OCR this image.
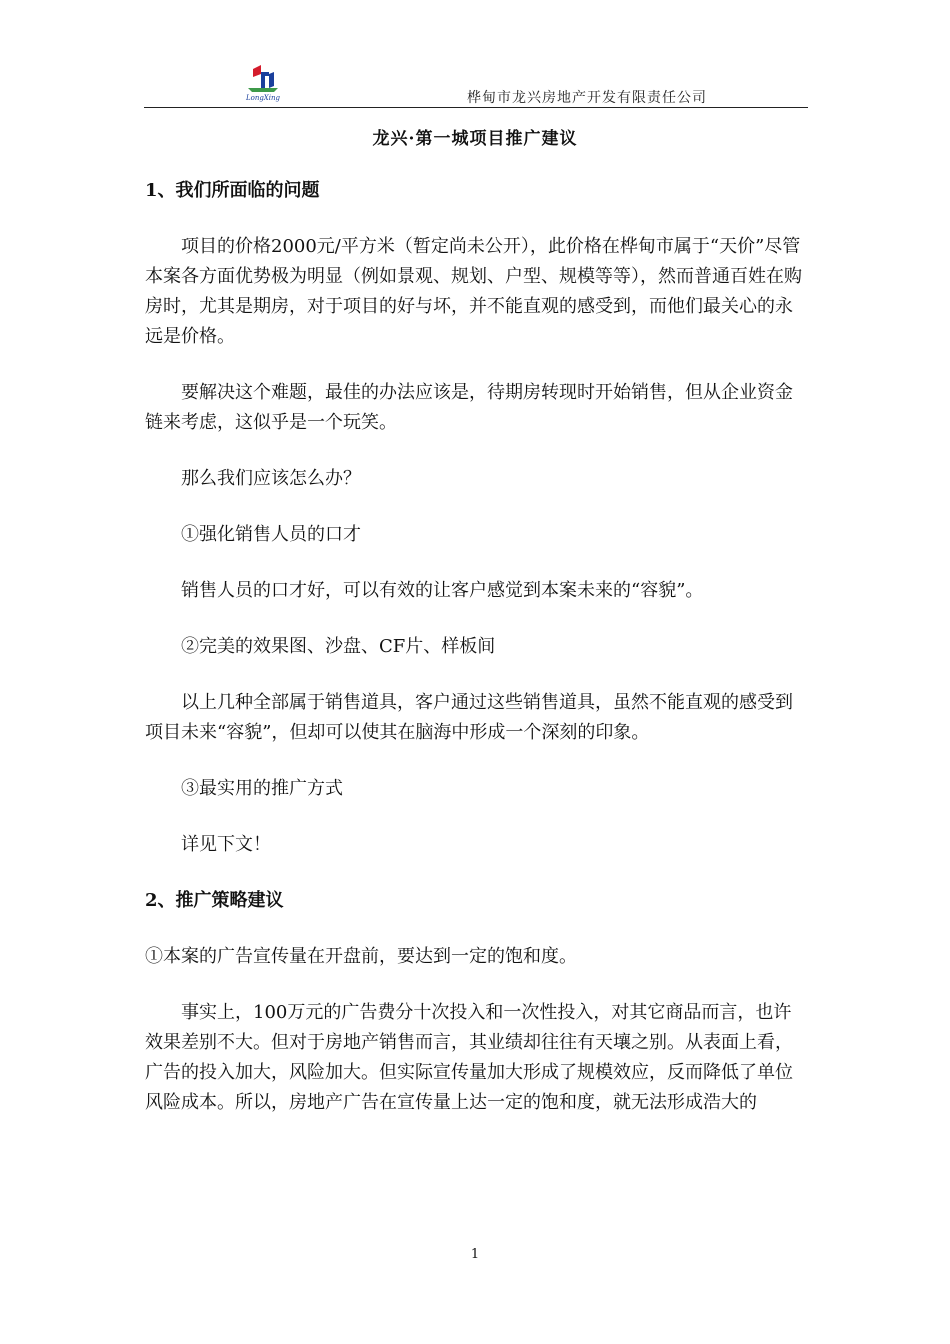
LongXing	桦甸市龙兴房地产开发有限责任公司
龙兴·第一城项目推广建议
1、我们所面临的问题

项目的价格2000元/平方米（暂定尚未公开），此价格在桦甸市属于“天价”尽管本案各方面优势极为明显（例如景观、规划、户型、规模等等），然而普通百姓在购房时，尤其是期房，对于项目的好与坏，并不能直观的感受到，而他们最关心的永远是价格。

要解决这个难题，最佳的办法应该是，待期房转现时开始销售，但从企业资金链来考虑，这似乎是一个玩笑。

那么我们应该怎么办？

①强化销售人员的口才

销售人员的口才好，可以有效的让客户感觉到本案未来的“容貌”。

②完美的效果图、沙盘、CF片、样板间

以上几种全部属于销售道具，客户通过这些销售道具，虽然不能直观的感受到项目未来“容貌”，但却可以使其在脑海中形成一个深刻的印象。

③最实用的推广方式

详见下文！

2、推广策略建议

①本案的广告宣传量在开盘前，要达到一定的饱和度。

事实上，100万元的广告费分十次投入和一次性投入，对其它商品而言，也许效果差别不大。但对于房地产销售而言，其业绩却往往有天壤之别。从表面上看，广告的投入加大，风险加大。但实际宣传量加大形成了规模效应，反而降低了单位风险成本。所以，房地产广告在宣传量上达一定的饱和度，就无法形成浩大的

1
